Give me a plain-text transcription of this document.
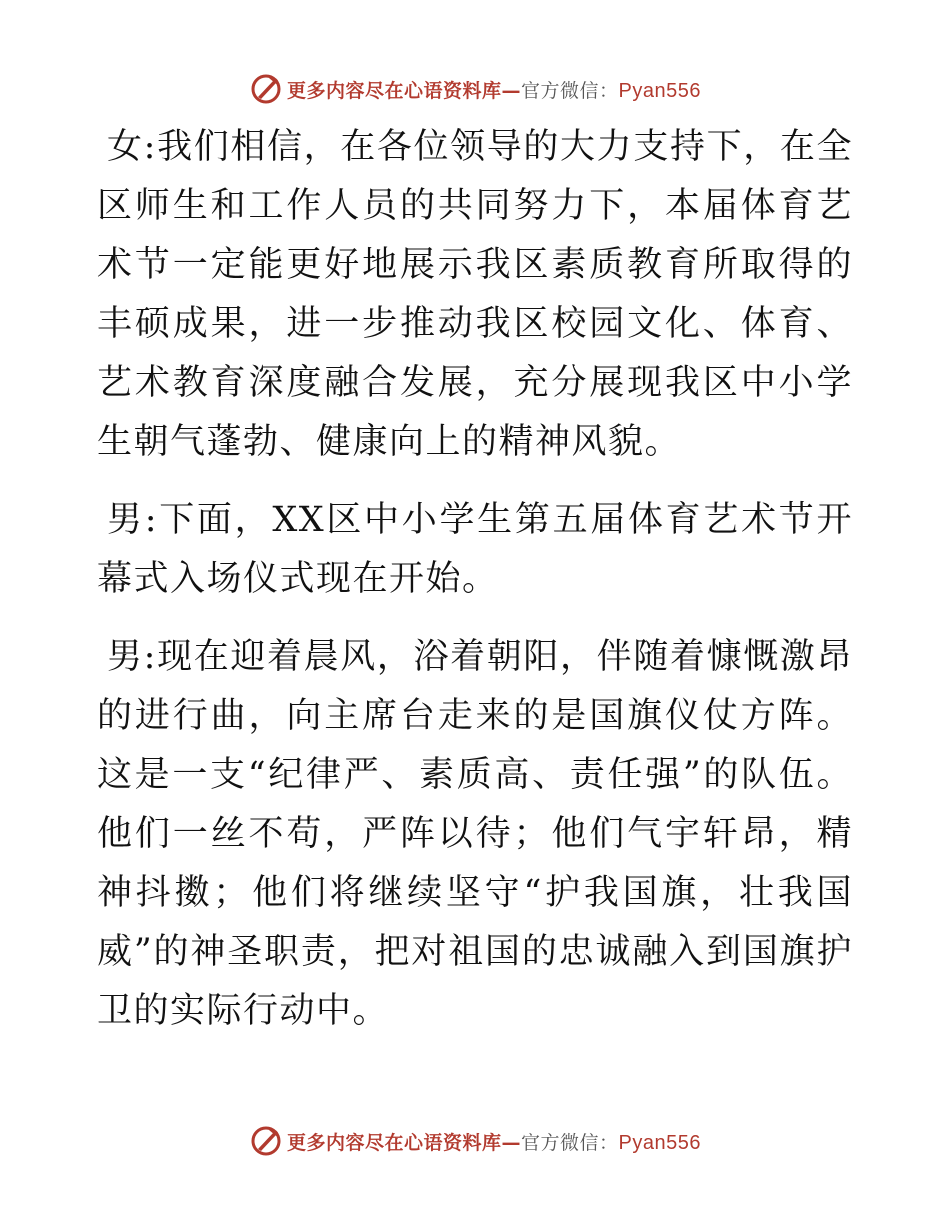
更多内容尽在心语资料库—官方微信：Pyan556

女:我们相信，在各位领导的大力支持下，在全区师生和工作人员的共同努力下，本届体育艺术节一定能更好地展示我区素质教育所取得的丰硕成果，进一步推动我区校园文化、体育、艺术教育深度融合发展，充分展现我区中小学生朝气蓬勃、健康向上的精神风貌。

男:下面，XX区中小学生第五届体育艺术节开幕式入场仪式现在开始。

男:现在迎着晨风，浴着朝阳，伴随着慷慨激昂的进行曲，向主席台走来的是国旗仪仗方阵。这是一支“纪律严、素质高、责任强”的队伍。他们一丝不苟，严阵以待；他们气宇轩昂，精神抖擞；他们将继续坚守“护我国旗，壮我国威”的神圣职责，把对祖国的忠诚融入到国旗护卫的实际行动中。

更多内容尽在心语资料库—官方微信：Pyan556
